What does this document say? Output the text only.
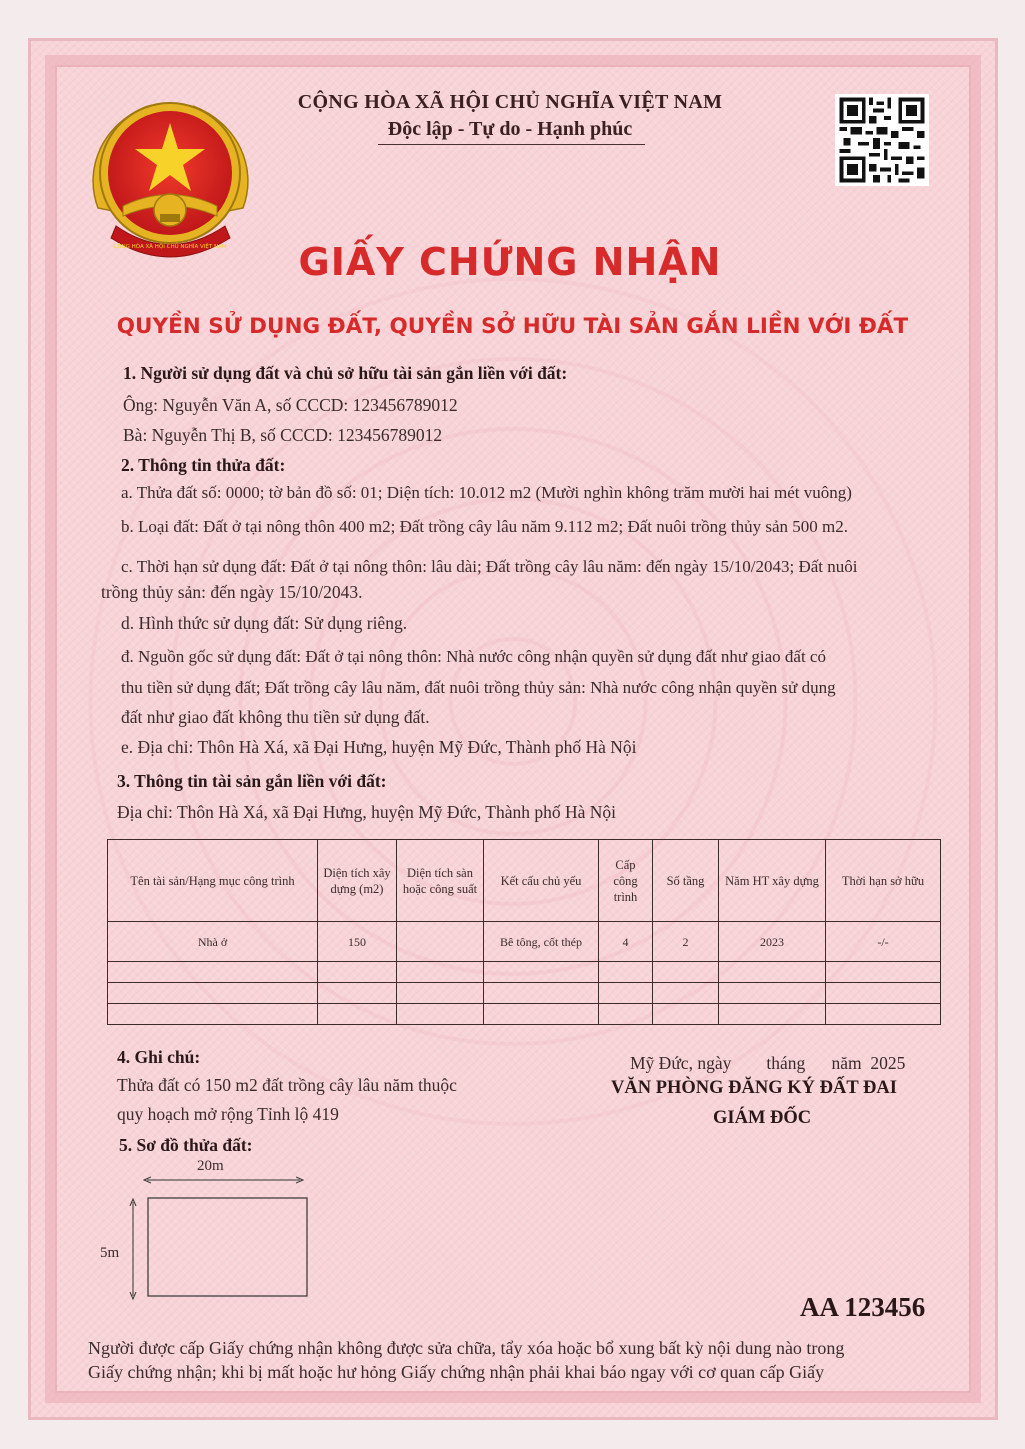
CỘNG HÒA XÃ HỘI CHỦ NGHĨA VIỆT NAM
CỘNG HÒA XÃ HỘI CHỦ NGHĨA VIỆT NAM
Độc lập - Tự do - Hạnh phúc
GIẤY CHỨNG NHẬN
QUYỀN SỬ DỤNG ĐẤT, QUYỀN SỞ HỮU TÀI SẢN GẮN LIỀN VỚI ĐẤT
1. Người sử dụng đất và chủ sở hữu tài sản gắn liền với đất:
Ông: Nguyễn Văn A, số CCCD: 123456789012
Bà: Nguyễn Thị B, số CCCD: 123456789012
2. Thông tin thửa đất:
a. Thửa đất số: 0000; tờ bản đồ số: 01; Diện tích: 10.012 m2 (Mười nghìn không trăm mười hai mét vuông)
b. Loại đất: Đất ở tại nông thôn 400 m2; Đất trồng cây lâu năm 9.112 m2; Đất nuôi trồng thủy sản 500 m2.
c. Thời hạn sử dụng đất: Đất ở tại nông thôn: lâu dài; Đất trồng cây lâu năm: đến ngày 15/10/2043; Đất nuôi
trồng thủy sản: đến ngày 15/10/2043.
d. Hình thức sử dụng đất: Sử dụng riêng.
đ. Nguồn gốc sử dụng đất: Đất ở tại nông thôn: Nhà nước công nhận quyền sử dụng đất như giao đất có
thu tiền sử dụng đất; Đất trồng cây lâu năm, đất nuôi trồng thủy sản: Nhà nước công nhận quyền sử dụng
đất như giao đất không thu tiền sử dụng đất.
e. Địa chỉ: Thôn Hà Xá, xã Đại Hưng, huyện Mỹ Đức, Thành phố Hà Nội
3. Thông tin tài sản gắn liền với đất:
Địa chỉ: Thôn Hà Xá, xã Đại Hưng, huyện Mỹ Đức, Thành phố Hà Nội
Tên tài sản/Hạng mục công trình	Diện tích xây dựng (m2)	Diện tích sàn hoặc công suất	Kết cấu chủ yếu	Cấp công trình	Số tầng	Năm HT xây dựng	Thời hạn sở hữu
Nhà ở	150		Bê tông, cốt thép	4	2	2023	-/-

4. Ghi chú:
Thửa đất có 150 m2 đất trồng cây lâu năm thuộc
quy hoạch mở rộng Tỉnh lộ 419
Mỹ Đức, ngày        tháng      năm  2025
VĂN PHÒNG ĐĂNG KÝ ĐẤT ĐAI
GIÁM ĐỐC
5. Sơ đồ thửa đất:
20m
5m
AA 123456
Người được cấp Giấy chứng nhận không được sửa chữa, tẩy xóa hoặc bổ xung bất kỳ nội dung nào trong
Giấy chứng nhận; khi bị mất hoặc hư hỏng Giấy chứng nhận phải khai báo ngay với cơ quan cấp Giấy
